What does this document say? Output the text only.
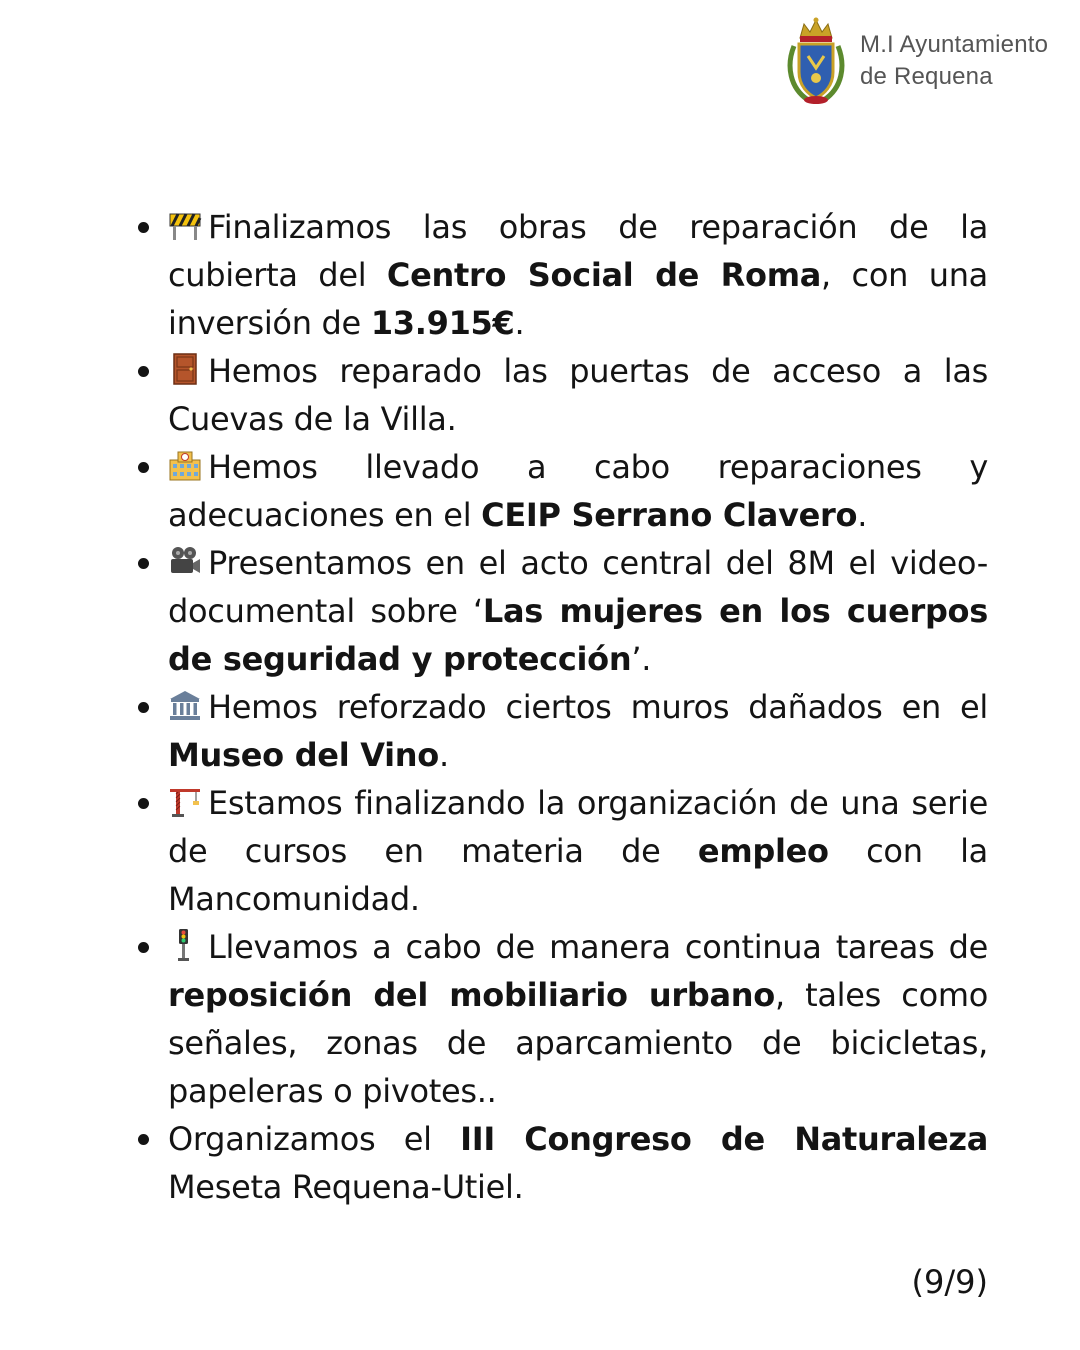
M.I Ayuntamiento
de Requena
Finalizamos las obras de reparación de la cubierta del Centro Social de Roma, con una inversión de 13.915€.
Hemos reparado las puertas de acceso a las Cuevas de la Villa.
Hemos llevado a cabo reparaciones y adecuaciones en el CEIP Serrano Clavero.
Presentamos en el acto central del 8M el video-documental sobre ‘Las mujeres en los cuerpos de seguridad y protección’.
Hemos reforzado ciertos muros dañados en el Museo del Vino.
Estamos finalizando la organización de una serie de cursos en materia de empleo con la Mancomunidad.
Llevamos a cabo de manera continua tareas de reposición del mobiliario urbano, tales como señales, zonas de aparcamiento de bicicletas, papeleras o pivotes..
Organizamos el III Congreso de Naturaleza Meseta Requena-Utiel.
(9/9)
